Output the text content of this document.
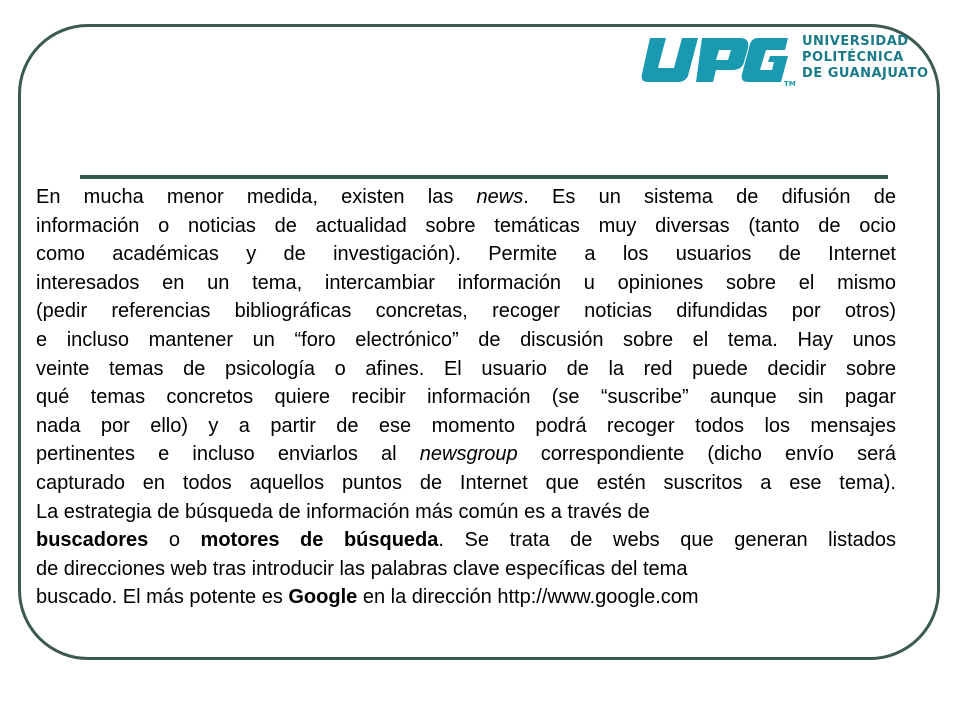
TM
UNIVERSIDAD
POLITÉCNICA
DE GUANAJUATO
En mucha menor medida, existen las news. Es un sistema de difusión de
información o noticias de actualidad sobre temáticas muy diversas (tanto de ocio
como académicas y de investigación). Permite a los usuarios de Internet
interesados en un tema, intercambiar información u opiniones sobre el mismo
(pedir referencias bibliográficas concretas, recoger noticias difundidas por otros)
e incluso mantener un “foro electrónico” de discusión sobre el tema. Hay unos
veinte temas de psicología o afines. El usuario de la red puede decidir sobre
qué temas concretos quiere recibir información (se “suscribe” aunque sin pagar
nada por ello) y a partir de ese momento podrá recoger todos los mensajes
pertinentes e incluso enviarlos al newsgroup correspondiente (dicho envío será
capturado en todos aquellos puntos de Internet que estén suscritos a ese tema).
La estrategia de búsqueda de información más común es a través de
buscadores o motores de búsqueda. Se trata de webs que generan listados
de direcciones web tras introducir las palabras clave específicas del tema
buscado. El más potente es Google en la dirección http://www.google.com
